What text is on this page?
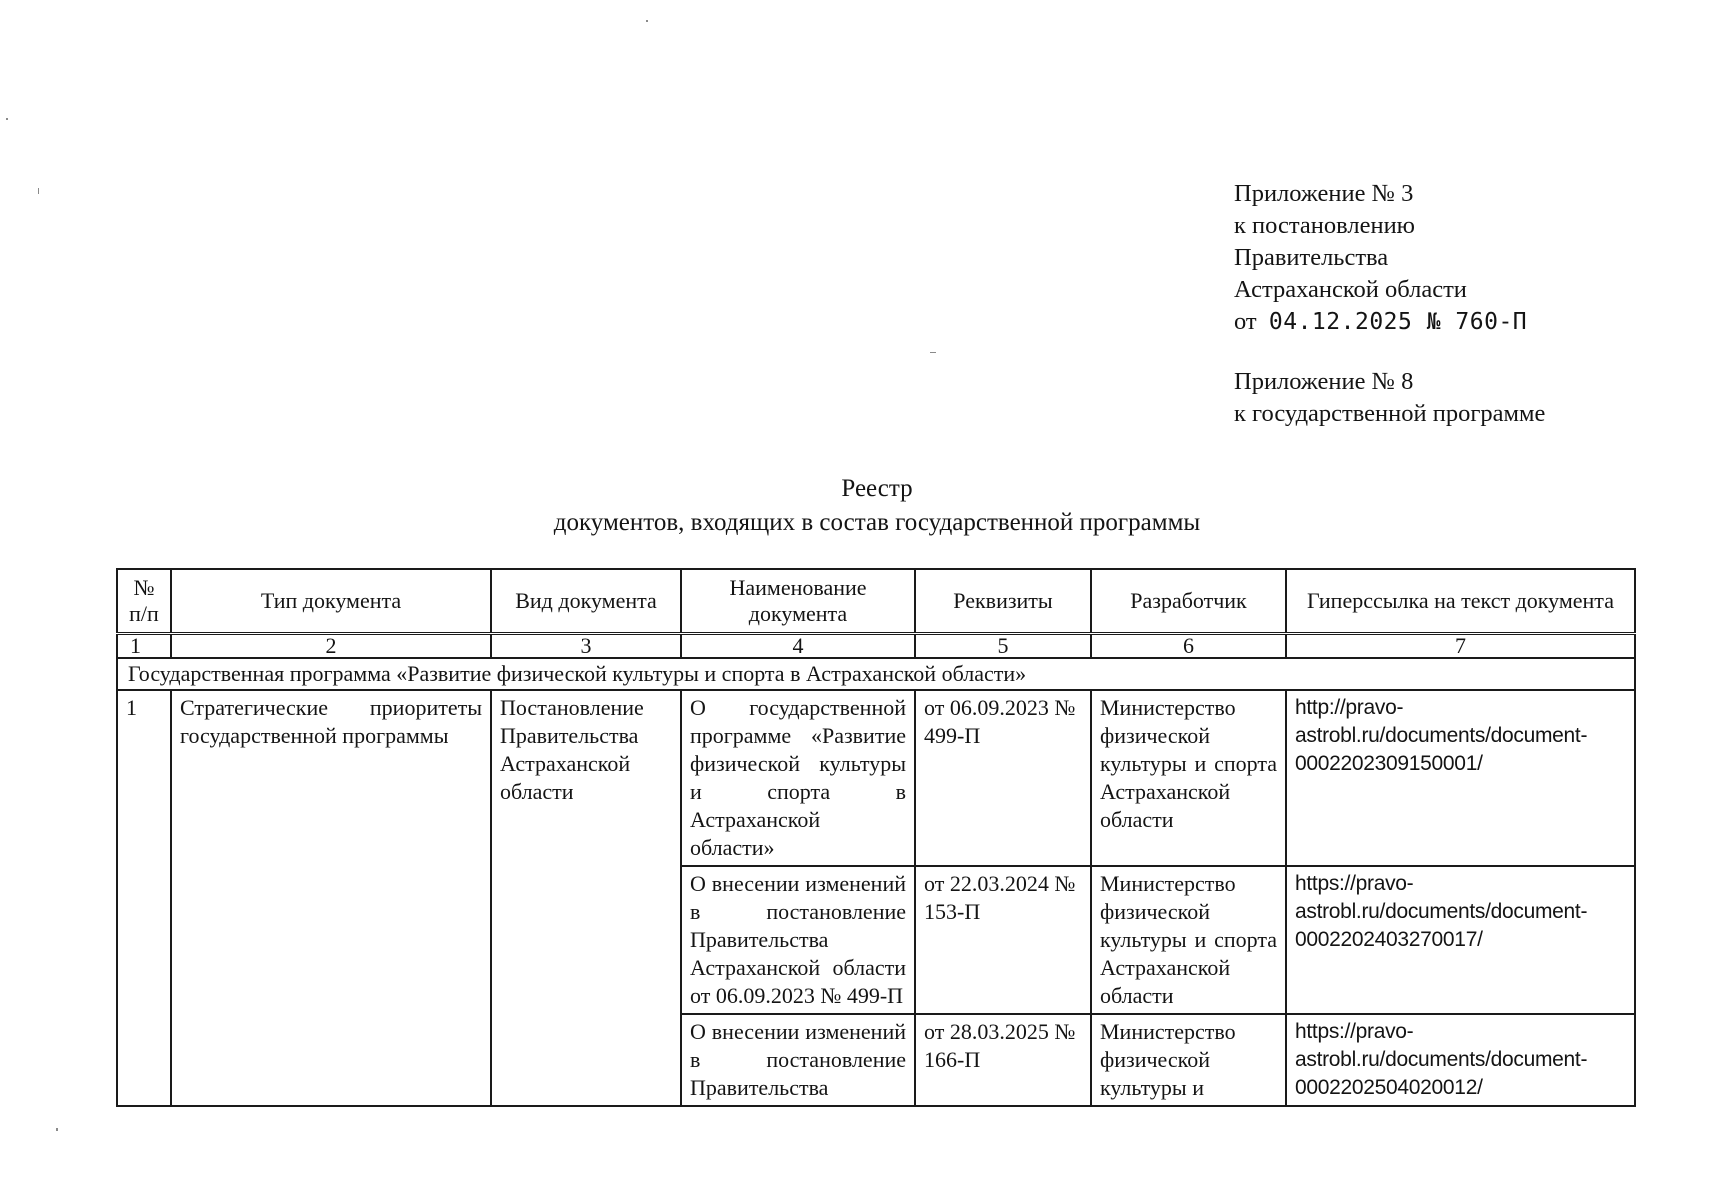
Приложение № 3
к постановлению
Правительства
Астраханской области
от 04.12.2025 № 760-П
Приложение № 8
к государственной программе
Реестр
документов, входящих в состав государственной программы
№ п/п	Тип документа	Вид документа	Наименование документа	Реквизиты	Разработчик	Гиперссылка на текст документа
1	2	3	4	5	6	7
Государственная программа «Развитие физической культуры и спорта в Астраханской области»						
1	Стратегические приоритеты государственной программы	Постановление Правительства Астраханской области	О государственной программе «Развитие физической культуры и спорта в Астраханской области»	от 06.09.2023 № 499-П	Министерство физической культуры и спорта Астраханской области	http://pravo-astrobl.ru/documents/document-0002202309150001/
			О внесении изменений в постановление Правительства Астраханской области от 06.09.2023 № 499-П	от 22.03.2024 № 153-П	Министерство физической культуры и спорта Астраханской области	https://pravo-astrobl.ru/documents/document-0002202403270017/
			О внесении изменений в постановление Правительства	от 28.03.2025 № 166-П	Министерство физической культуры и	https://pravo-astrobl.ru/documents/document-0002202504020012/
